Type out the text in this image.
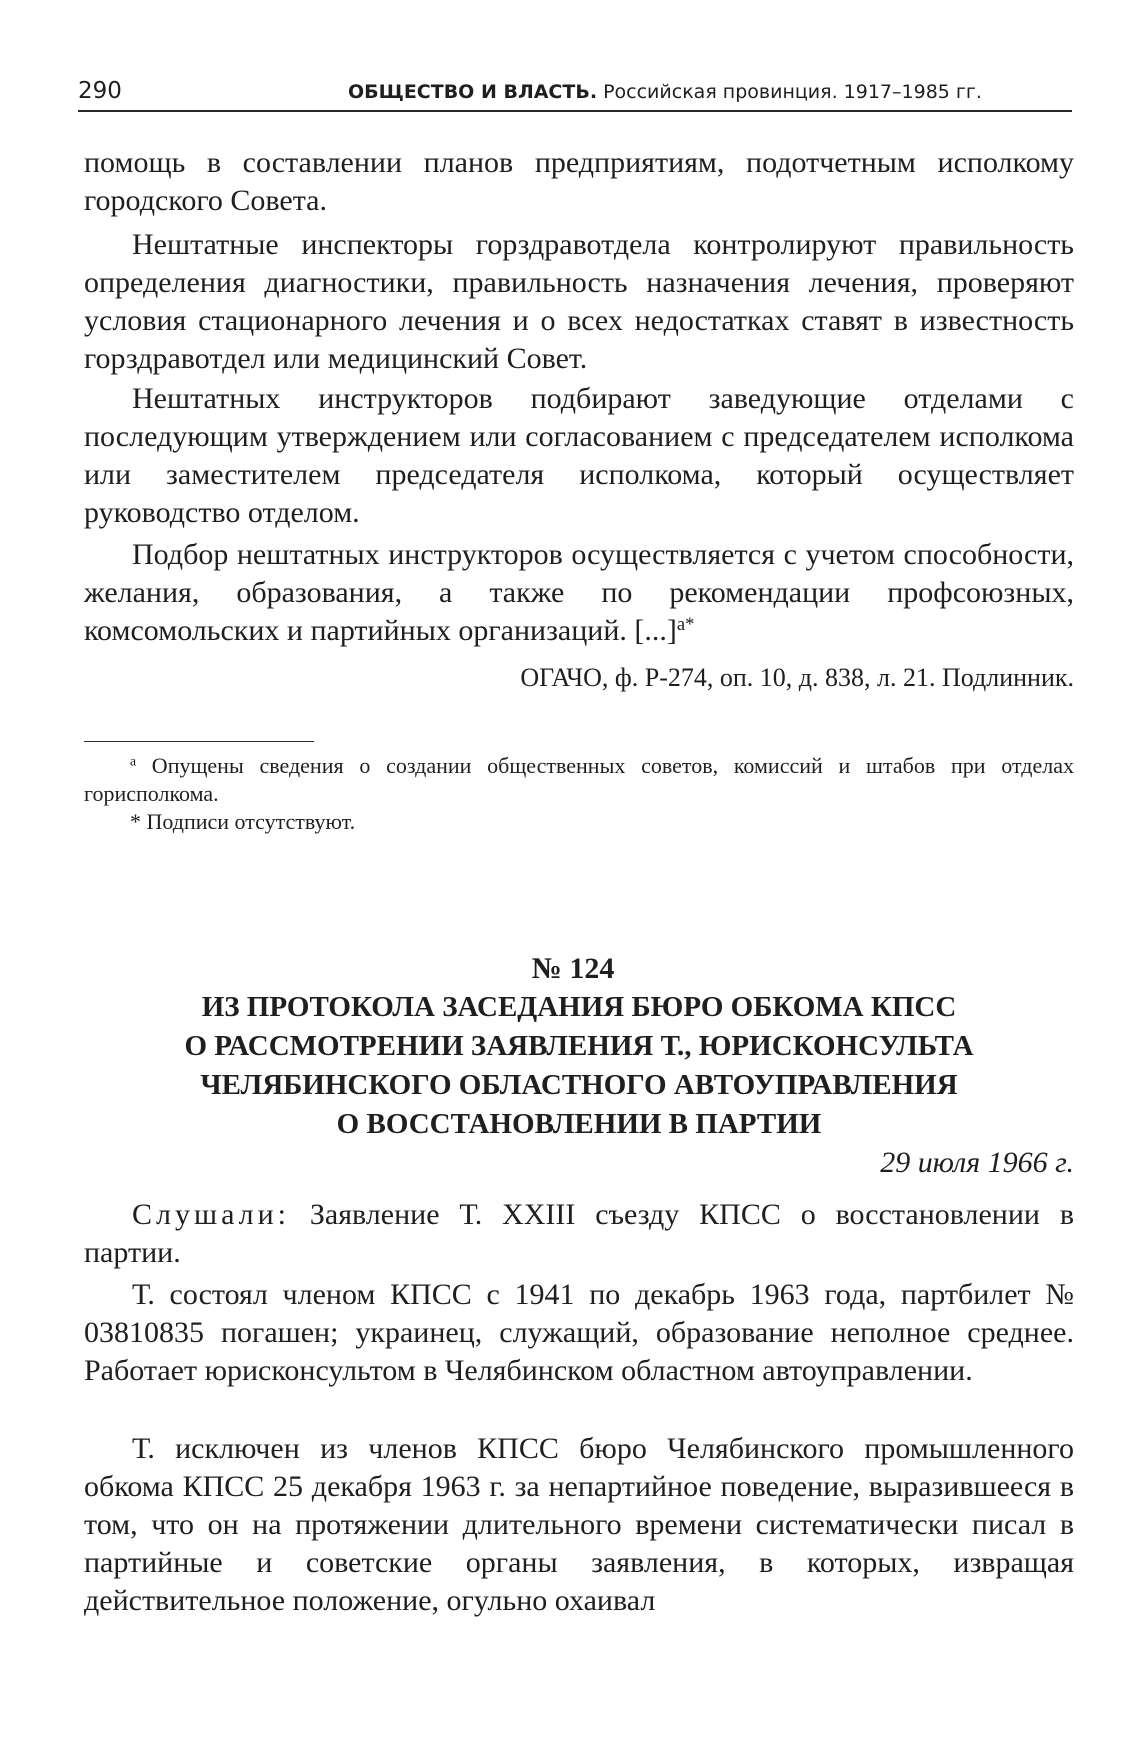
290	ОБЩЕСТВО И ВЛАСТЬ. Российская провинция. 1917–1985 гг.

помощь в составлении планов предприятиям, подотчетным исполкому городского Совета.

Нештатные инспекторы горздравотдела контролируют правильность определения диагностики, правильность назначения лечения, проверяют условия стационарного лечения и о всех недостатках ставят в известность горздравотдел или медицинский Совет.

Нештатных инструкторов подбирают заведующие отделами с последующим утверждением или согласованием с председателем исполкома или заместителем председателя исполкома, который осуществляет руководство отделом.

Подбор нештатных инструкторов осуществляется с учетом способности, желания, образования, а также по рекомендации профсоюзных, комсомольских и партийных организаций. [...]$^{а*}$

ОГАЧО, ф. Р-274, оп. 10, д. 838, л. 21. Подлинник.

$^а$ Опущены сведения о создании общественных советов, комиссий и штабов при отделах горисполкома.

* Подписи отсутствуют.

№ 124
ИЗ ПРОТОКОЛА ЗАСЕДАНИЯ БЮРО ОБКОМА КПСС
О РАССМОТРЕНИИ ЗАЯВЛЕНИЯ Т., ЮРИСКОНСУЛЬТА
ЧЕЛЯБИНСКОГО ОБЛАСТНОГО АВТОУПРАВЛЕНИЯ
О ВОССТАНОВЛЕНИИ В ПАРТИИ
29 июля 1966 г.

Слушали: Заявление Т. XXIII съезду КПСС о восстановлении в партии.

Т. состоял членом КПСС с 1941 по декабрь 1963 года, партбилет № 03810835 погашен; украинец, служащий, образование неполное среднее. Работает юрисконсультом в Челябинском областном автоуправлении.

Т. исключен из членов КПСС бюро Челябинского промышленного обкома КПСС 25 декабря 1963 г. за непартийное поведение, выразившееся в том, что он на протяжении длительного времени систематически писал в партийные и советские органы заявления, в которых, извращая действительное положение, огульно охаивал
